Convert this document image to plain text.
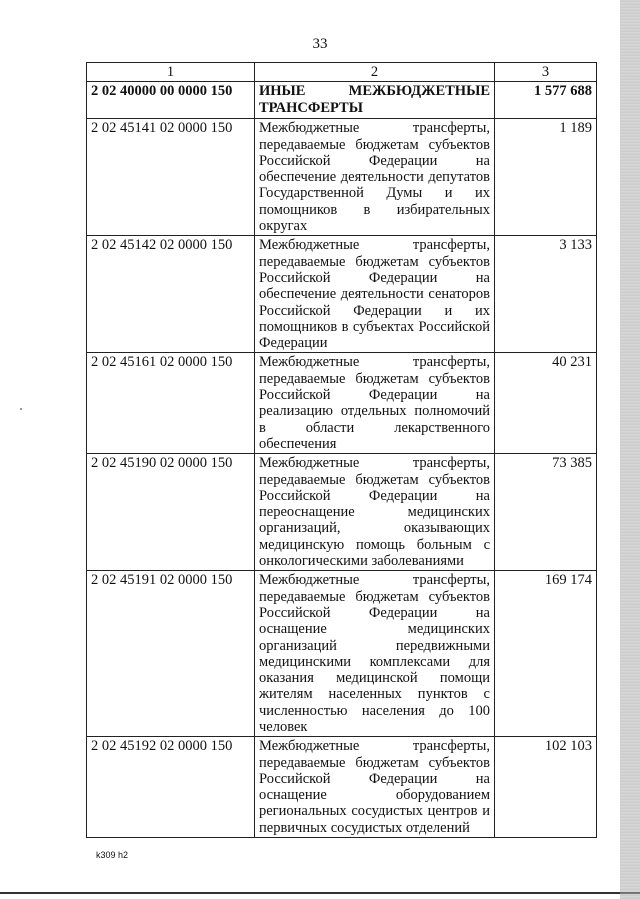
33
1	2	3
2 02 40000 00 0000 150	ИНЫЕ МЕЖБЮДЖЕТНЫЕ ТРАНСФЕРТЫ	1 577 688
2 02 45141 02 0000 150	Межбюджетные трансферты, передаваемые бюджетам субъектов Российской Федерации на обеспечение деятельности депутатов Государственной Думы и их помощников в избирательных округах	1 189
2 02 45142 02 0000 150	Межбюджетные трансферты, передаваемые бюджетам субъектов Российской Федерации на обеспечение деятельности сенаторов Российской Федерации и их помощников в субъектах Российской Федерации	3 133
2 02 45161 02 0000 150	Межбюджетные трансферты, передаваемые бюджетам субъектов Российской Федерации на реализацию отдельных полномочий в области лекарственного обеспечения	40 231
2 02 45190 02 0000 150	Межбюджетные трансферты, передаваемые бюджетам субъектов Российской Федерации на переоснащение медицинских организаций, оказывающих медицинскую помощь больным с онкологическими заболеваниями	73 385
2 02 45191 02 0000 150	Межбюджетные трансферты, передаваемые бюджетам субъектов Российской Федерации на оснащение медицинских организаций передвижными медицинскими комплексами для оказания медицинской помощи жителям населенных пунктов с численностью населения до 100 человек	169 174
2 02 45192 02 0000 150	Межбюджетные трансферты, передаваемые бюджетам субъектов Российской Федерации на оснащение оборудованием региональных сосудистых центров и первичных сосудистых отделений	102 103
k309 h2
